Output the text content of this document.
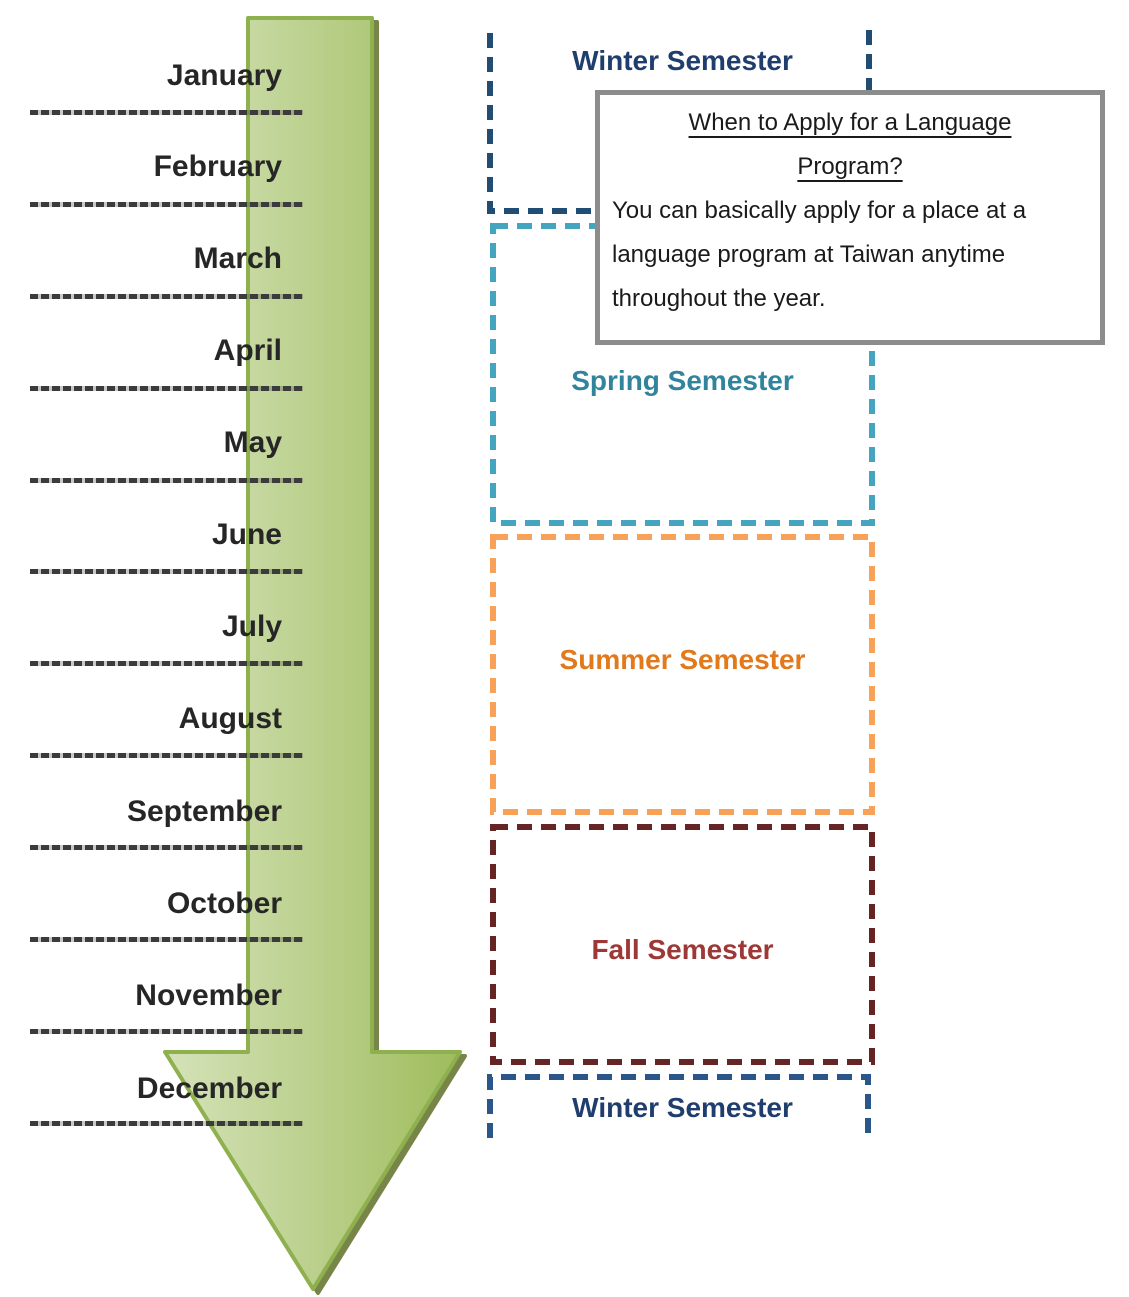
January
February
March
April
May
June
July
August
September
October
November
December
Winter Semester
Spring Semester
Summer Semester
Fall Semester
Winter Semester
When to Apply for a Language Program?

You can basically apply for a place at a language program at Taiwan anytime throughout the year.
